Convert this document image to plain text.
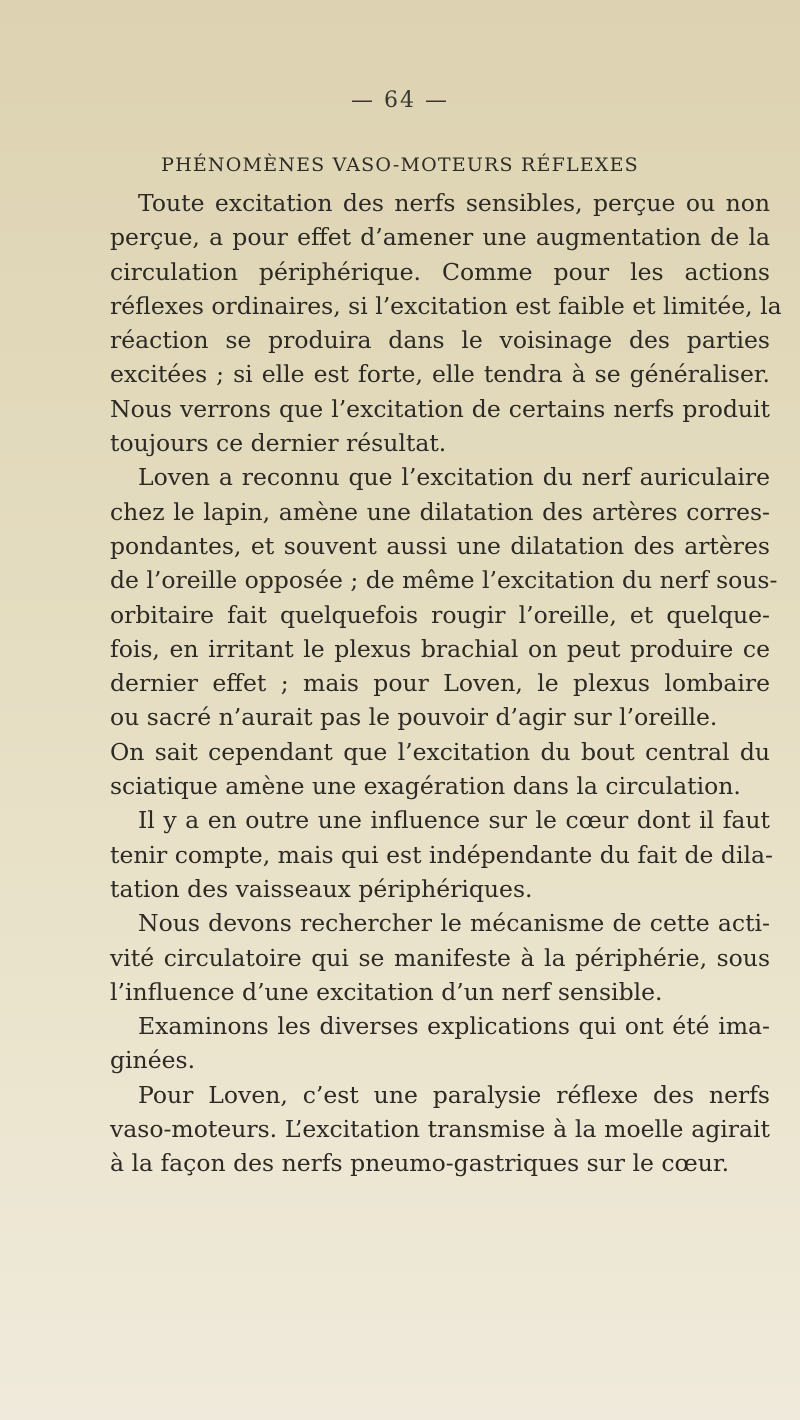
— 64 —
PHÉNOMÈNES VASO-MOTEURS RÉFLEXES
Toute excitation des nerfs sensibles, perçue ou non
perçue, a pour effet d’amener une augmentation de la
circulation périphérique. Comme pour les actions
réflexes ordinaires, si l’excitation est faible et limitée, la
réaction se produira dans le voisinage des parties
excitées ; si elle est forte, elle tendra à se généraliser.
Nous verrons que l’excitation de certains nerfs produit
toujours ce dernier résultat.
Loven a reconnu que l’excitation du nerf auriculaire
chez le lapin, amène une dilatation des artères corres-
pondantes, et souvent aussi une dilatation des artères
de l’oreille opposée ; de même l’excitation du nerf sous-
orbitaire fait quelquefois rougir l’oreille, et quelque-
fois, en irritant le plexus brachial on peut produire ce
dernier effet ; mais pour Loven, le plexus lombaire
ou sacré n’aurait pas le pouvoir d’agir sur l’oreille.
On sait cependant que l’excitation du bout central du
sciatique amène une exagération dans la circulation.
Il y a en outre une influence sur le cœur dont il faut
tenir compte, mais qui est indépendante du fait de dila-
tation des vaisseaux périphériques.
Nous devons rechercher le mécanisme de cette acti-
vité circulatoire qui se manifeste à la périphérie, sous
l’influence d’une excitation d’un nerf sensible.
Examinons les diverses explications qui ont été ima-
ginées.
Pour Loven, c’est une paralysie réflexe des nerfs
vaso-moteurs. L’excitation transmise à la moelle agirait
à la façon des nerfs pneumo-gastriques sur le cœur.
